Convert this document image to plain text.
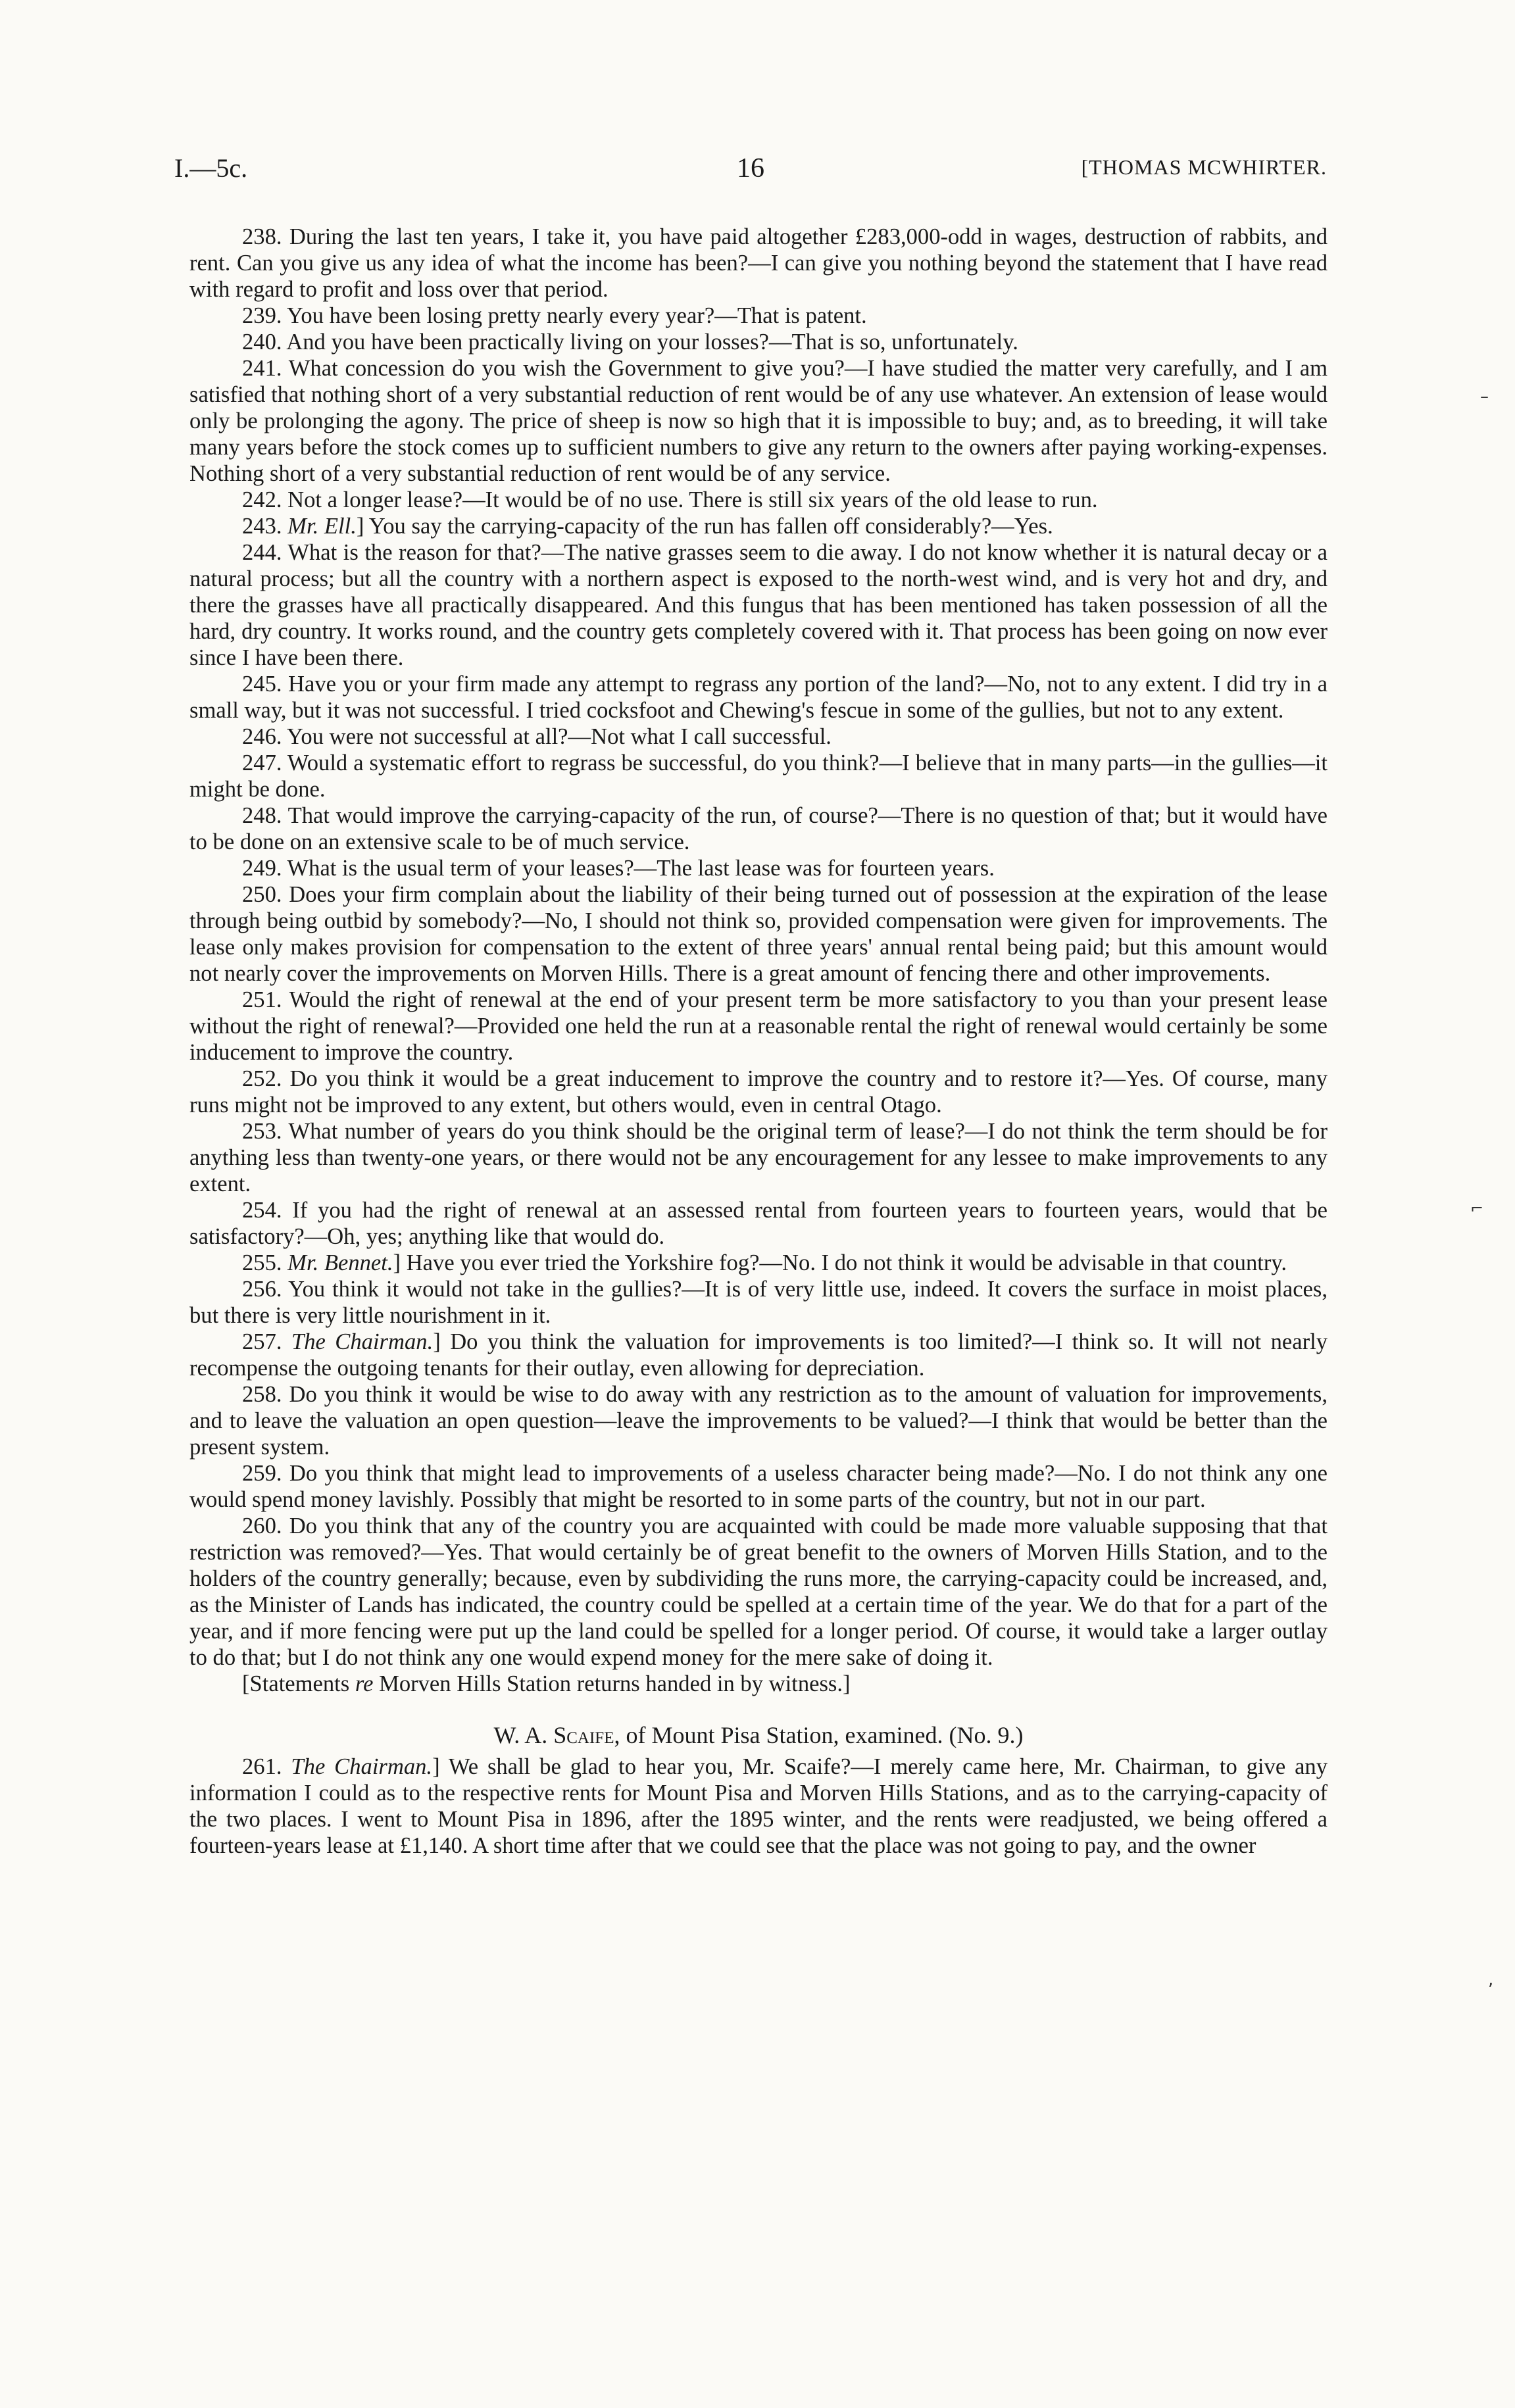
I.—5c.	16	[THOMAS MCWHIRTER.

238. During the last ten years, I take it, you have paid altogether £283,000-odd in wages, destruction of rabbits, and rent. Can you give us any idea of what the income has been?—I can give you nothing beyond the statement that I have read with regard to profit and loss over that period.

239. You have been losing pretty nearly every year?—That is patent.

240. And you have been practically living on your losses?—That is so, unfortunately.

241. What concession do you wish the Government to give you?—I have studied the matter very carefully, and I am satisfied that nothing short of a very substantial reduction of rent would be of any use whatever. An extension of lease would only be prolonging the agony. The price of sheep is now so high that it is impossible to buy; and, as to breeding, it will take many years before the stock comes up to sufficient numbers to give any return to the owners after paying working-expenses. Nothing short of a very substantial reduction of rent would be of any service.

242. Not a longer lease?—It would be of no use. There is still six years of the old lease to run.

243. Mr. Ell.] You say the carrying-capacity of the run has fallen off considerably?—Yes.

244. What is the reason for that?—The native grasses seem to die away. I do not know whether it is natural decay or a natural process; but all the country with a northern aspect is exposed to the north-west wind, and is very hot and dry, and there the grasses have all practically disappeared. And this fungus that has been mentioned has taken possession of all the hard, dry country. It works round, and the country gets completely covered with it. That process has been going on now ever since I have been there.

245. Have you or your firm made any attempt to regrass any portion of the land?—No, not to any extent. I did try in a small way, but it was not successful. I tried cocksfoot and Chewing's fescue in some of the gullies, but not to any extent.

246. You were not successful at all?—Not what I call successful.

247. Would a systematic effort to regrass be successful, do you think?—I believe that in many parts—in the gullies—it might be done.

248. That would improve the carrying-capacity of the run, of course?—There is no question of that; but it would have to be done on an extensive scale to be of much service.

249. What is the usual term of your leases?—The last lease was for fourteen years.

250. Does your firm complain about the liability of their being turned out of possession at the expiration of the lease through being outbid by somebody?—No, I should not think so, provided compensation were given for improvements. The lease only makes provision for compensation to the extent of three years' annual rental being paid; but this amount would not nearly cover the improvements on Morven Hills. There is a great amount of fencing there and other improvements.

251. Would the right of renewal at the end of your present term be more satisfactory to you than your present lease without the right of renewal?—Provided one held the run at a reasonable rental the right of renewal would certainly be some inducement to improve the country.

252. Do you think it would be a great inducement to improve the country and to restore it?—Yes. Of course, many runs might not be improved to any extent, but others would, even in central Otago.

253. What number of years do you think should be the original term of lease?—I do not think the term should be for anything less than twenty-one years, or there would not be any encouragement for any lessee to make improvements to any extent.

254. If you had the right of renewal at an assessed rental from fourteen years to fourteen years, would that be satisfactory?—Oh, yes; anything like that would do.

255. Mr. Bennet.] Have you ever tried the Yorkshire fog?—No. I do not think it would be advisable in that country.

256. You think it would not take in the gullies?—It is of very little use, indeed. It covers the surface in moist places, but there is very little nourishment in it.

257. The Chairman.] Do you think the valuation for improvements is too limited?—I think so. It will not nearly recompense the outgoing tenants for their outlay, even allowing for depreciation.

258. Do you think it would be wise to do away with any restriction as to the amount of valuation for improvements, and to leave the valuation an open question—leave the improvements to be valued?—I think that would be better than the present system.

259. Do you think that might lead to improvements of a useless character being made?—No. I do not think any one would spend money lavishly. Possibly that might be resorted to in some parts of the country, but not in our part.

260. Do you think that any of the country you are acquainted with could be made more valuable supposing that that restriction was removed?—Yes. That would certainly be of great benefit to the owners of Morven Hills Station, and to the holders of the country generally; because, even by subdividing the runs more, the carrying-capacity could be increased, and, as the Minister of Lands has indicated, the country could be spelled at a certain time of the year. We do that for a part of the year, and if more fencing were put up the land could be spelled for a longer period. Of course, it would take a larger outlay to do that; but I do not think any one would expend money for the mere sake of doing it.

[Statements re Morven Hills Station returns handed in by witness.]

W. A. Scaife, of Mount Pisa Station, examined. (No. 9.)

261. The Chairman.] We shall be glad to hear you, Mr. Scaife?—I merely came here, Mr. Chairman, to give any information I could as to the respective rents for Mount Pisa and Morven Hills Stations, and as to the carrying-capacity of the two places. I went to Mount Pisa in 1896, after the 1895 winter, and the rents were readjusted, we being offered a fourteen-years lease at £1,140. A short time after that we could see that the place was not going to pay, and the owner

–
⌐
,
